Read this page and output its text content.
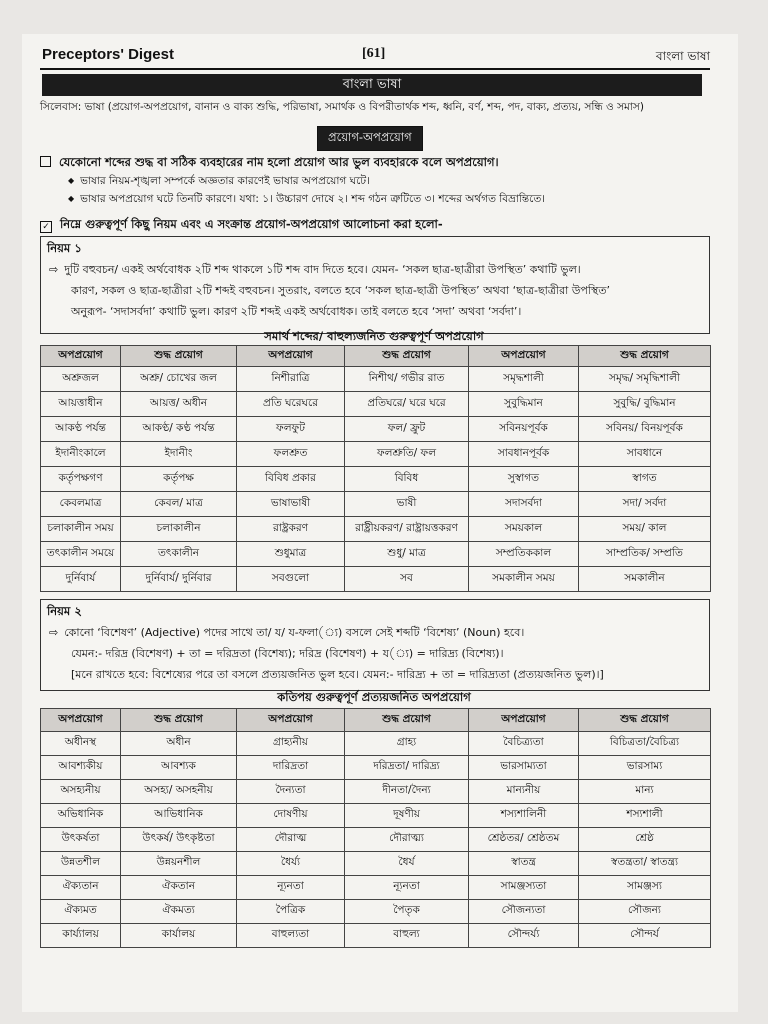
Preceptors' Digest	[61]	বাংলা ভাষা
বাংলা ভাষা
সিলেবাস: ভাষা (প্রয়োগ-অপপ্রয়োগ, বানান ও বাক্য শুদ্ধি, পরিভাষা, সমার্থক ও বিপরীতার্থক শব্দ, ধ্বনি, বর্ণ, শব্দ, পদ, বাক্য, প্রত্যয়, সন্ধি ও সমাস)
প্রয়োগ-অপপ্রয়োগ
যেকোনো শব্দের শুদ্ধ বা সঠিক ব্যবহারের নাম হলো প্রয়োগ আর ভুল ব্যবহারকে বলে অপপ্রয়োগ।
◆ ভাষার নিয়ম-শৃঙ্খলা সম্পর্কে অজ্ঞতার কারণেই ভাষার অপপ্রয়োগ ঘটে।
◆ ভাষার অপপ্রয়োগ ঘটে তিনটি কারণে। যথা: ১। উচ্চারণ দোষে ২। শব্দ গঠন ত্রুটিতে ৩। শব্দের অর্থগত বিভ্রান্তিতে।
✓ নিম্নে গুরুত্বপূর্ণ কিছু নিয়ম এবং এ সংক্রান্ত প্রয়োগ-অপপ্রয়োগ আলোচনা করা হলো-
নিয়ম ১
⇨ দুটি বহুবচন/ একই অর্থবোধক ২টি শব্দ থাকলে ১টি শব্দ বাদ দিতে হবে। যেমন- ‘সকল ছাত্র-ছাত্রীরা উপস্থিত’ কথাটি ভুল।
কারণ, সকল ও ছাত্র-ছাত্রীরা ২টি শব্দই বহুবচন। সুতরাং, বলতে হবে ‘সকল ছাত্র-ছাত্রী উপস্থিত’ অথবা ‘ছাত্র-ছাত্রীরা উপস্থিত’
অনুরূপ- ‘সদাসর্বদা’ কথাটি ভুল। কারণ ২টি শব্দই একই অর্থবোধক। তাই বলতে হবে ‘সদা’ অথবা ‘সর্বদা’।
সমার্থ শব্দের/ বাহুল্যজনিত গুরুত্বপূর্ণ অপপ্রয়োগ
অপপ্রয়োগ	শুদ্ধ প্রয়োগ	অপপ্রয়োগ	শুদ্ধ প্রয়োগ	অপপ্রয়োগ	শুদ্ধ প্রয়োগ
অশ্রুজল	অশ্রু/ চোখের জল	নিশীরাত্রি	নিশীথ/ গভীর রাত	সমৃদ্ধশালী	সমৃদ্ধ/ সমৃদ্ধিশালী
আয়ত্তাধীন	আয়ত্ত/ অধীন	প্রতি ঘরেঘরে	প্রতিঘরে/ ঘরে ঘরে	সুবুদ্ধিমান	সুবুদ্ধি/ বুদ্ধিমান
আকণ্ঠ পর্যন্ত	আকণ্ঠ/ কণ্ঠ পর্যন্ত	ফলফুট	ফল/ ফ্রুট	সবিনয়পূর্বক	সবিনয়/ বিনয়পূর্বক
ইদানীংকালে	ইদানীং	ফলশ্রুত	ফলশ্রুতি/ ফল	সাবধানপূর্বক	সাবধানে
কর্তৃপক্ষগণ	কর্তৃপক্ষ	বিবিধ প্রকার	বিবিধ	সুস্বাগত	স্বাগত
কেবলমাত্র	কেবল/ মাত্র	ভাষাভাষী	ভাষী	সদাসর্বদা	সদা/ সর্বদা
চলাকালীন সময়	চলাকালীন	রাষ্ট্রকরণ	রাষ্ট্রীয়করণ/ রাষ্ট্রায়ত্তকরণ	সময়কাল	সময়/ কাল
তৎকালীন সময়ে	তৎকালীন	শুধুমাত্র	শুধু/ মাত্র	সম্প্রতিককাল	সাম্প্রতিক/ সম্প্রতি
দুর্নিবার্য	দুর্নিবার্য/ দুর্নিবার	সবগুলো	সব	সমকালীন সময়	সমকালীন
নিয়ম ২
⇨ কোনো ‘বিশেষণ’ (Adjective) পদের সাথে তা/ য/ য-ফলা(্য) বসলে সেই শব্দটি ‘বিশেষ্য’ (Noun) হবে।
যেমন:- দরিদ্র (বিশেষণ) + তা = দরিদ্রতা (বিশেষ্য); দরিদ্র (বিশেষণ) + য(্য) = দারিদ্র্য (বিশেষ্য)।
[মনে রাখতে হবে: বিশেষ্যের পরে তা বসলে প্রত্যয়জনিত ভুল হবে। যেমন:- দারিদ্র্য + তা = দারিদ্র্যতা (প্রত্যয়জনিত ভুল)।]
কতিপয় গুরুত্বপূর্ণ প্রত্যয়জনিত অপপ্রয়োগ
অপপ্রয়োগ	শুদ্ধ প্রয়োগ	অপপ্রয়োগ	শুদ্ধ প্রয়োগ	অপপ্রয়োগ	শুদ্ধ প্রয়োগ
অধীনস্থ	অধীন	গ্রাহ্যনীয়	গ্রাহ্য	বৈচিত্র্যতা	বিচিত্রতা/বৈচিত্র্য
আবশ্যকীয়	আবশ্যক	দারিদ্রতা	দরিদ্রতা/ দারিদ্র্য	ভারসাম্যতা	ভারসাম্য
অসহ্যনীয়	অসহ্য/ অসহনীয়	দৈন্যতা	দীনতা/দৈন্য	মান্যনীয়	মান্য
অভিধানিক	আভিধানিক	দোষণীয়	দূষণীয়	শস্যশালিনী	শস্যশালী
উৎকর্ষতা	উৎকর্ষ/ উৎকৃষ্টতা	দৌরাত্ম	দৌরাত্ম্য	শ্রেষ্ঠতর/ শ্রেষ্ঠতম	শ্রেষ্ঠ
উন্নতশীল	উন্নয়নশীল	ধৈর্য্য	ধৈর্য	স্বাতন্ত্র	স্বতন্ত্রতা/ স্বাতন্ত্র্য
ঐক্যতান	ঐকতান	ন্যূনতা	ন্যূনতা	সামঞ্জস্যতা	সামঞ্জস্য
ঐক্যমত	ঐকমত্য	পৈত্রিক	পৈতৃক	সৌজন্যতা	সৌজন্য
কার্য্যালয়	কার্যালয়	বাহুল্যতা	বাহুল্য	সৌন্দর্য্য	সৌন্দর্য
